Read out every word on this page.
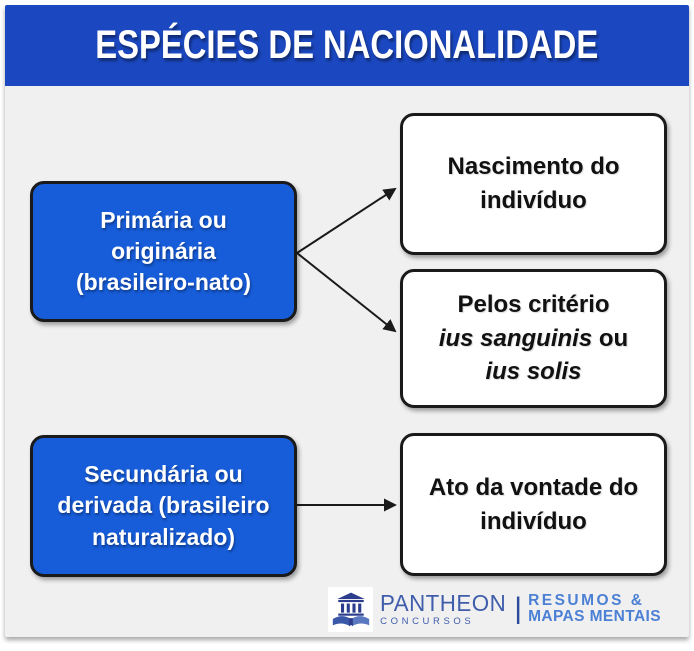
ESPÉCIES DE NACIONALIDADE
Primária ou originária (brasileiro-nato)
Nascimento do indivíduo
Pelos critério
ius sanguinis ou
ius solis
Secundária ou derivada (brasileiro naturalizado)
Ato da vontade do indivíduo
PANTHEON
CONCURSOS | RESUMOS &
MAPAS MENTAIS
